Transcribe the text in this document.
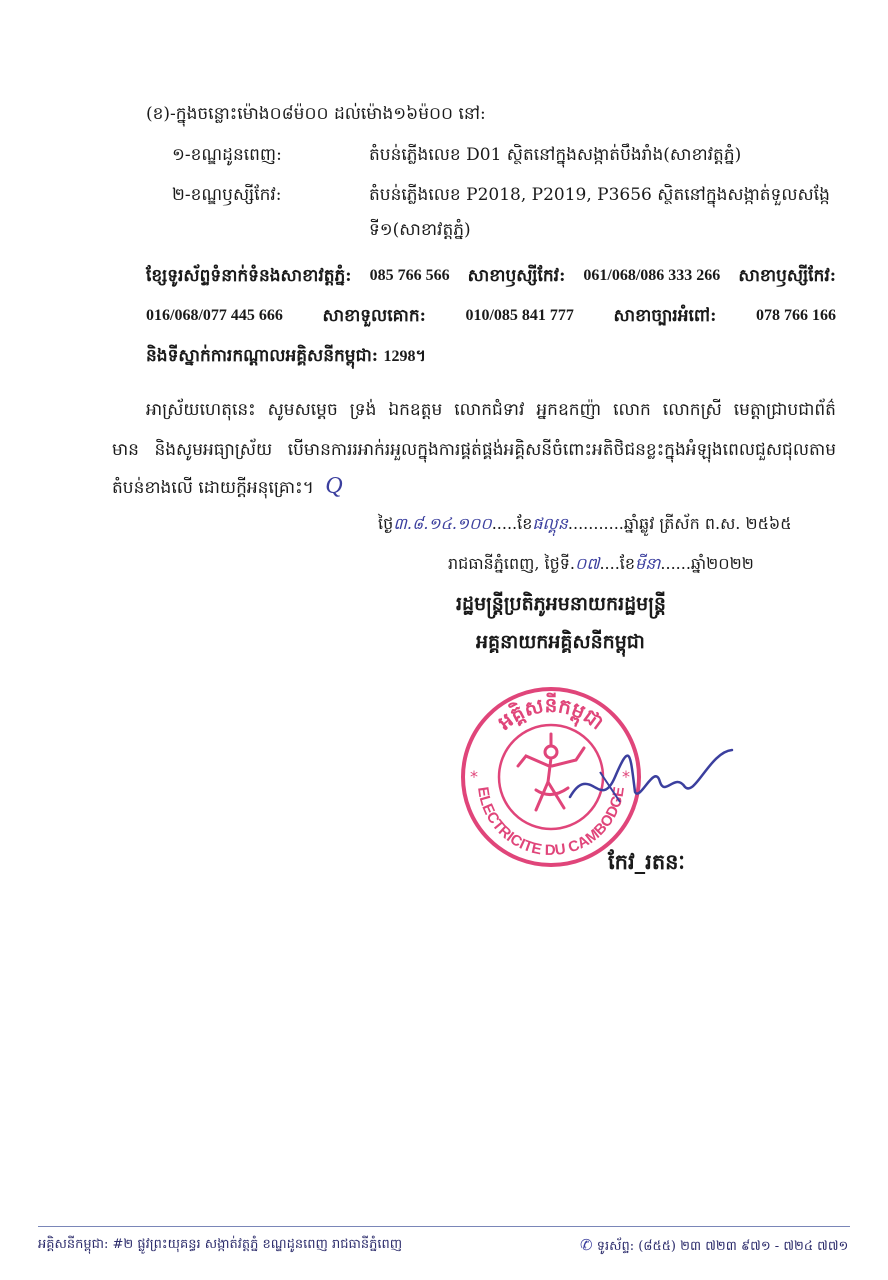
(ខ)-ក្នុងចន្លោះម៉ោង០៨ម៉០០ ដល់ម៉ោង១៦ម៉០០ នៅ:
១-ខណ្ឌដូនពេញ:	តំបន់ភ្លើងលេខ D01 ស្ថិតនៅក្នុងសង្កាត់បឹងរាំង(សាខាវត្តភ្នំ)
២-ខណ្ឌឫស្សីកែវ:	តំបន់ភ្លើងលេខ P2018, P2019, P3656 ស្ថិតនៅក្នុងសង្កាត់ទួលសង្កែ
ទី១(សាខាវត្តភ្នំ)
ខ្សែទូរស័ព្ទទំនាក់ទំនងសាខាវត្តភ្នំ: 085 766 566 សាខាឫស្សីកែវ: 061/068/086 333 266 សាខាឫស្សីកែវ:
016/068/077 445 666 សាខាទួលគោក: 010/085 841 777 សាខាច្បារអំពៅ: 078 766 166
និងទីស្នាក់ការកណ្តាលអគ្គិសនីកម្ពុជា: 1298។
អាស្រ័យហេតុនេះ សូមសម្តេច ទ្រង់ ឯកឧត្តម លោកជំទាវ អ្នកឧកញ៉ា លោក លោកស្រី មេត្តាជ្រាបជាព័ត៌
មាន និងសូមអធ្យាស្រ័យ បើមានការរអាក់រអួលក្នុងការផ្គត់ផ្គង់អគ្គិសនីចំពោះអតិថិជនខ្លះក្នុងអំឡុងពេលជួសជុលតាម
តំបន់ខាងលើ ដោយក្តីអនុគ្រោះ។ Q
ថ្ងៃ៣.៨.១៤.១០០.....ខែផល្គុន...........ឆ្នាំឆ្លូវ ត្រីស័ក ព.ស. ២៥៦៥
រាជធានីភ្នំពេញ, ថ្ងៃទី.០៧....ខែមីនា......ឆ្នាំ២០២២
រដ្ឋមន្ត្រីប្រតិភូអមនាយករដ្ឋមន្ត្រី
អគ្គនាយកអគ្គិសនីកម្ពុជា
អគ្គិសនីកម្ពុជា
ELECTRICITE DU CAMBODGE
*	*
កែវ_រតនៈ
អគ្គិសនីកម្ពុជា: #២ ផ្លូវព្រះយុគន្ធរ សង្កាត់វត្តភ្នំ ខណ្ឌដូនពេញ រាជធានីភ្នំពេញ	✆ ទូរស័ព្ទ: (៨៥៥) ២៣ ៧២៣ ៩៧១ - ៧២៤ ៧៧១
